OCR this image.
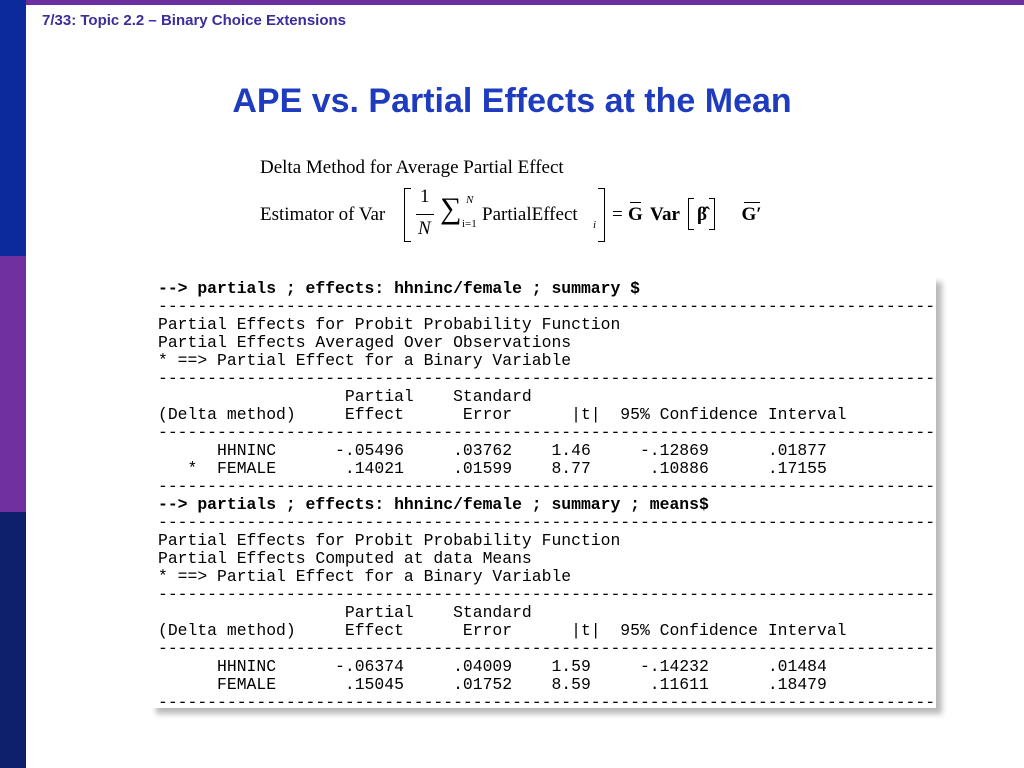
7/33: Topic 2.2 – Binary Choice Extensions
APE vs. Partial Effects at the Mean
Delta Method for Average Partial Effect
Estimator of Var
1
N
∑ N
i=1 PartialEffect i = G Var β̂ G′
--> partials ; effects: hhninc/female ; summary $
-------------------------------------------------------------------------------
Partial Effects for Probit Probability Function
Partial Effects Averaged Over Observations
* ==> Partial Effect for a Binary Variable
-------------------------------------------------------------------------------
Partial    Standard
(Delta method)     Effect      Error      |t|  95% Confidence Interval
-------------------------------------------------------------------------------
HHNINC      -.05496     .03762    1.46     -.12869      .01877
*  FEMALE       .14021     .01599    8.77      .10886      .17155
-------------------------------------------------------------------------------
--> partials ; effects: hhninc/female ; summary ; means$
-------------------------------------------------------------------------------
Partial Effects for Probit Probability Function
Partial Effects Computed at data Means
* ==> Partial Effect for a Binary Variable
-------------------------------------------------------------------------------
Partial    Standard
(Delta method)     Effect      Error      |t|  95% Confidence Interval
-------------------------------------------------------------------------------
HHNINC      -.06374     .04009    1.59     -.14232      .01484
FEMALE       .15045     .01752    8.59      .11611      .18479
-------------------------------------------------------------------------------
